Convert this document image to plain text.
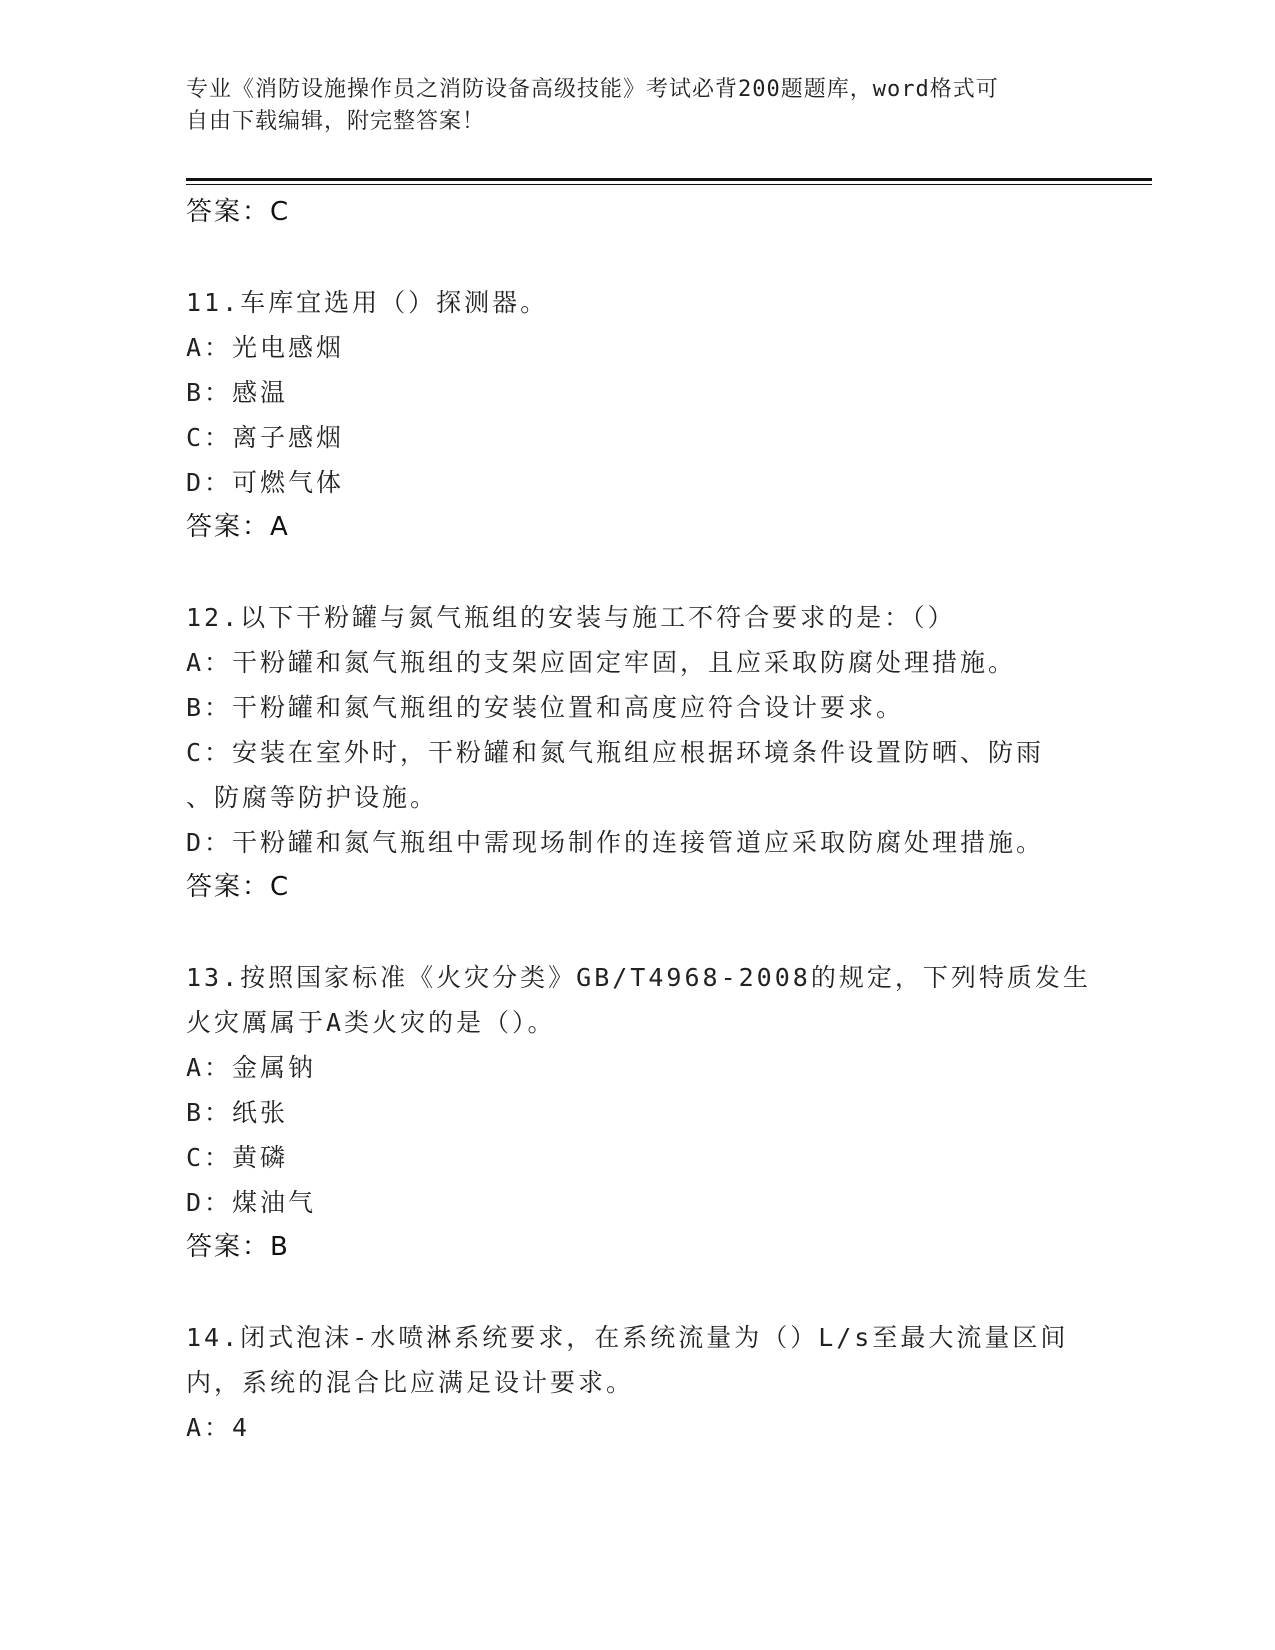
专业《消防设施操作员之消防设备高级技能》考试必背200题题库，word格式可
自由下载编辑，附完整答案！
答案：C
11.车库宜选用（）探测器。
A：光电感烟
B：感温
C：离子感烟
D：可燃气体
答案：A
12.以下干粉罐与氮气瓶组的安装与施工不符合要求的是：（）
A：干粉罐和氮气瓶组的支架应固定牢固，且应采取防腐处理措施。
B：干粉罐和氮气瓶组的安装位置和高度应符合设计要求。
C：安装在室外时，干粉罐和氮气瓶组应根据环境条件设置防晒、防雨
、防腐等防护设施。
D：干粉罐和氮气瓶组中需现场制作的连接管道应采取防腐处理措施。
答案：C
13.按照国家标准《火灾分类》GB/T4968-2008的规定，下列特质发生
火灾厲属于A类火灾的是（）。
A：金属钠
B：纸张
C：黄磷
D：煤油气
答案：B
14.闭式泡沫-水喷淋系统要求，在系统流量为（）L/s至最大流量区间
内，系统的混合比应满足设计要求。
A：4
